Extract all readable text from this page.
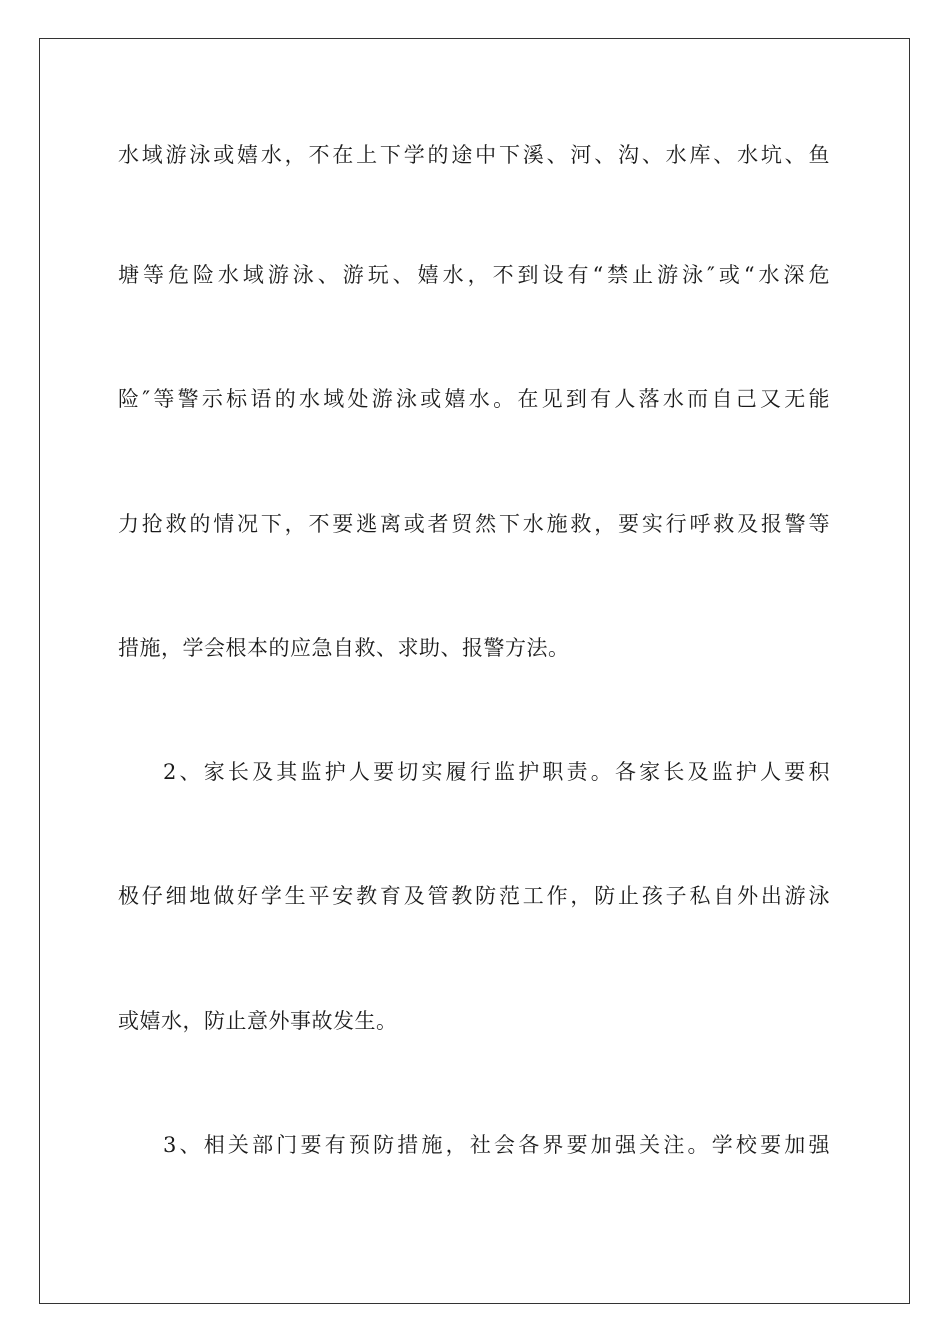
水域游泳或嬉水，不在上下学的途中下溪、河、沟、水库、水坑、鱼
塘等危险水域游泳、游玩、嬉水，不到设有“禁止游泳″或“水深危
险″等警示标语的水域处游泳或嬉水。在见到有人落水而自己又无能
力抢救的情况下，不要逃离或者贸然下水施救，要实行呼救及报警等
措施，学会根本的应急自救、求助、报警方法。
2、家长及其监护人要切实履行监护职责。各家长及监护人要积
极仔细地做好学生平安教育及管教防范工作，防止孩子私自外出游泳
或嬉水，防止意外事故发生。
3、相关部门要有预防措施，社会各界要加强关注。学校要加强
